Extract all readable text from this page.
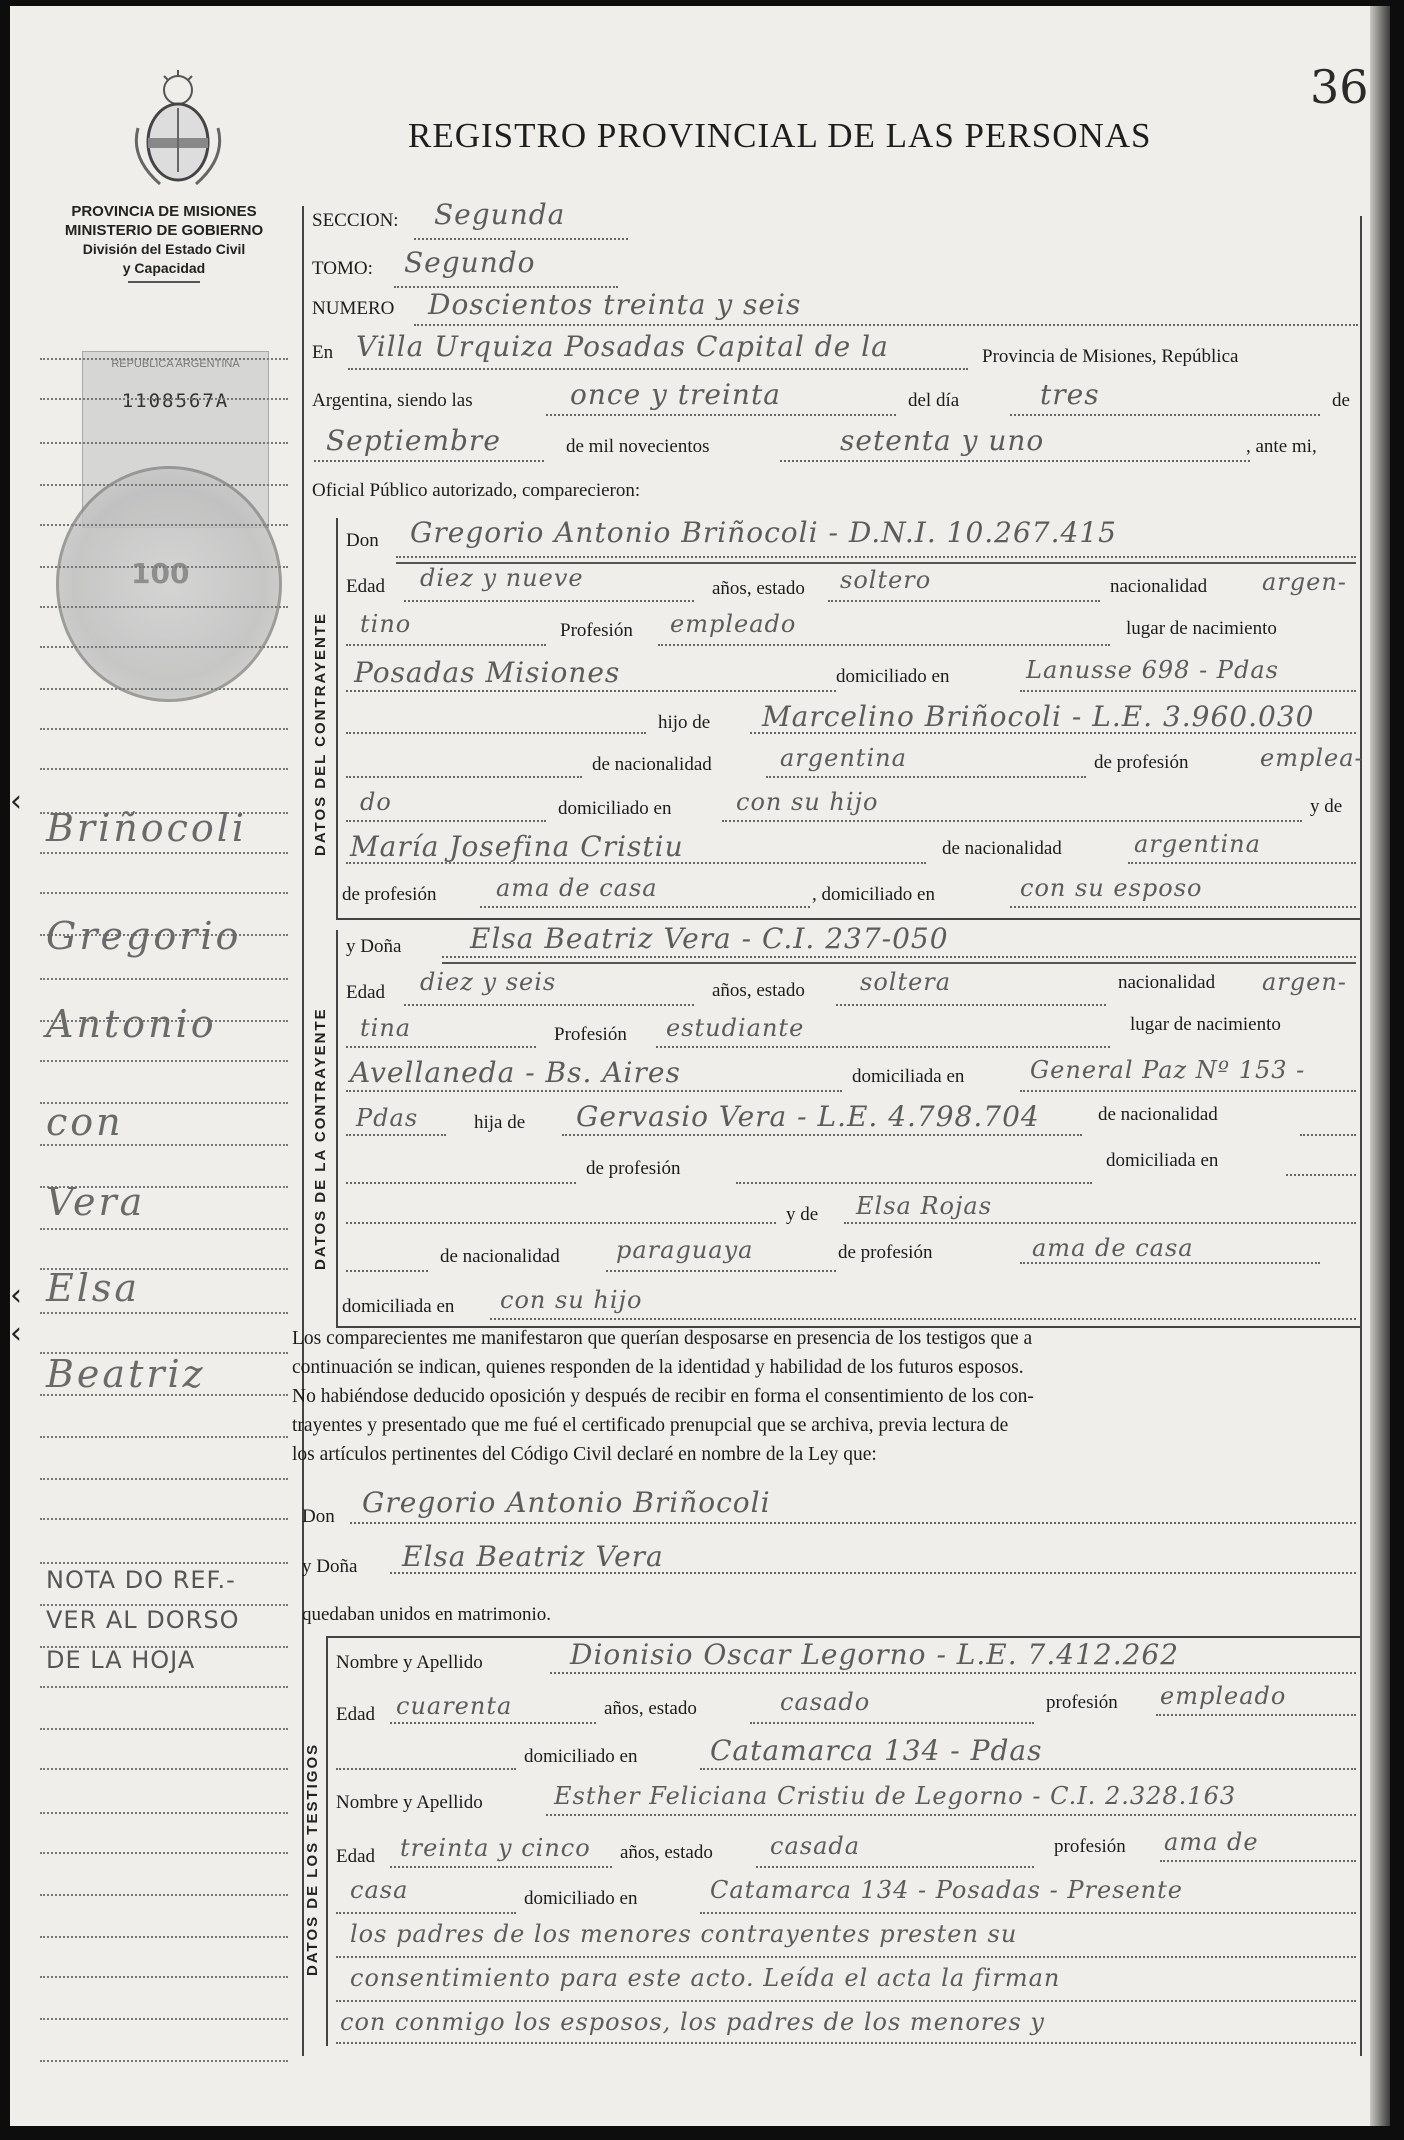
36
REGISTRO PROVINCIAL DE LAS PERSONAS
PROVINCIA DE MISIONES
MINISTERIO DE GOBIERNO
División del Estado Civil
y Capacidad
REPUBLICA ARGENTINA
1108567A
100
‹
‹
‹
Briñocoli
Gregorio
Antonio
con
Vera
Elsa
Beatriz
NOTA DO REF.-
VER AL DORSO
DE LA HOJA
SECCION: Segunda
TOMO: Segundo
NUMERO Doscientos treinta y seis
En Villa Urquiza Posadas Capital de la	Provincia de Misiones, República
Argentina, siendo las	once y treinta	del día	tres	de
Septiembre	de mil novecientos	setenta y uno	, ante mi,
Oficial Público autorizado, comparecieron:
DATOS DEL CONTRAYENTE
Don Gregorio Antonio Briñocoli - D.N.I. 10.267.415
Edad diez y nueve	años, estado soltero	nacionalidad argen-
tino	Profesión empleado	lugar de nacimiento
Posadas Misiones	domiciliado en	Lanusse 698 - Pdas
hijo de Marcelino Briñocoli - L.E. 3.960.030
de nacionalidad	argentina	de profesión	emplea-
do	domiciliado en	con su hijo	y de
María Josefina Cristiu	de nacionalidad	argentina
de profesión ama de casa	, domiciliado en	con su esposo
DATOS DE LA CONTRAYENTE
y Doña Elsa Beatriz Vera - C.I. 237-050
Edad diez y seis	años, estado soltera	nacionalidad argen-
tina	Profesión estudiante	lugar de nacimiento
Avellaneda - Bs. Aires	domiciliada en	General Paz Nº 153 -
Pdas	hija de Gervasio Vera - L.E. 4.798.704	de nacionalidad
de profesión	domiciliada en
y de Elsa Rojas
de nacionalidad paraguaya	de profesión	ama de casa
domiciliada en con su hijo
Los comparecientes me manifestaron que querían desposarse en presencia de los testigos que a
continuación se indican, quienes responden de la identidad y habilidad de los futuros esposos.
No habiéndose deducido oposición y después de recibir en forma el consentimiento de los con-
trayentes y presentado que me fué el certificado prenupcial que se archiva, previa lectura de
los artículos pertinentes del Código Civil declaré en nombre de la Ley que:
Don Gregorio Antonio Briñocoli
y Doña Elsa Beatriz Vera
quedaban unidos en matrimonio.
DATOS DE LOS TESTIGOS
Nombre y Apellido	Dionisio Oscar Legorno - L.E. 7.412.262
Edad cuarenta	años, estado	casado	profesión empleado
domiciliado en	Catamarca 134 - Pdas
Nombre y Apellido	Esther Feliciana Cristiu de Legorno - C.I. 2.328.163
Edad treinta y cinco años, estado casada	profesión ama de
casa	domiciliado en	Catamarca 134 - Posadas - Presente
los padres de los menores contrayentes presten su
consentimiento para este acto. Leída el acta la firman
con conmigo los esposos, los padres de los menores y
